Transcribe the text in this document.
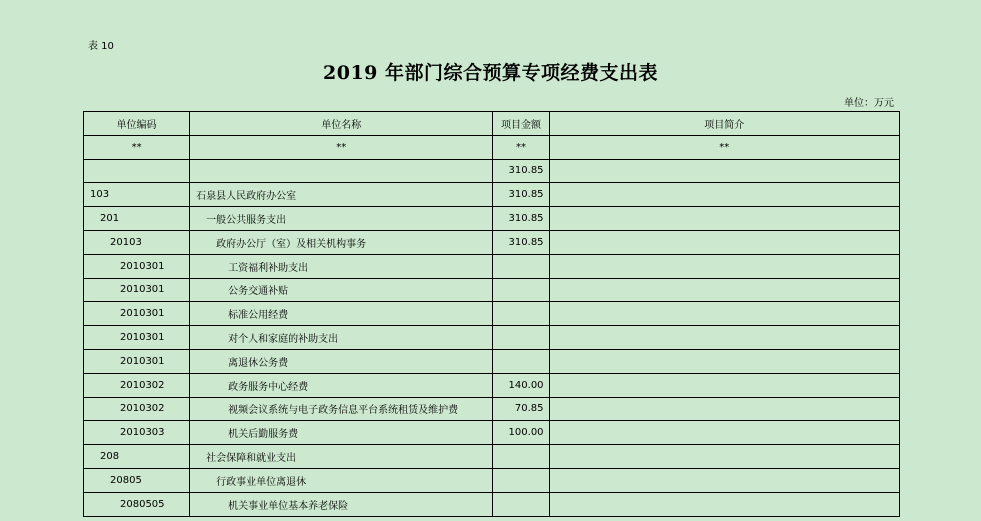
表 10
2019 年部门综合预算专项经费支出表
单位：万元
单位编码	单位名称	项目金额	项目简介
**	**	**	**
		310.85	
103	石泉县人民政府办公室	310.85	
201	一般公共服务支出	310.85	
20103	政府办公厅（室）及相关机构事务	310.85	
2010301	工资福利补助支出		
2010301	公务交通补贴		
2010301	标准公用经费		
2010301	对个人和家庭的补助支出		
2010301	离退休公务费		
2010302	政务服务中心经费	140.00	
2010302	视频会议系统与电子政务信息平台系统租赁及维护费	70.85	
2010303	机关后勤服务费	100.00	
208	社会保障和就业支出		
20805	行政事业单位离退休		
2080505	机关事业单位基本养老保险		
